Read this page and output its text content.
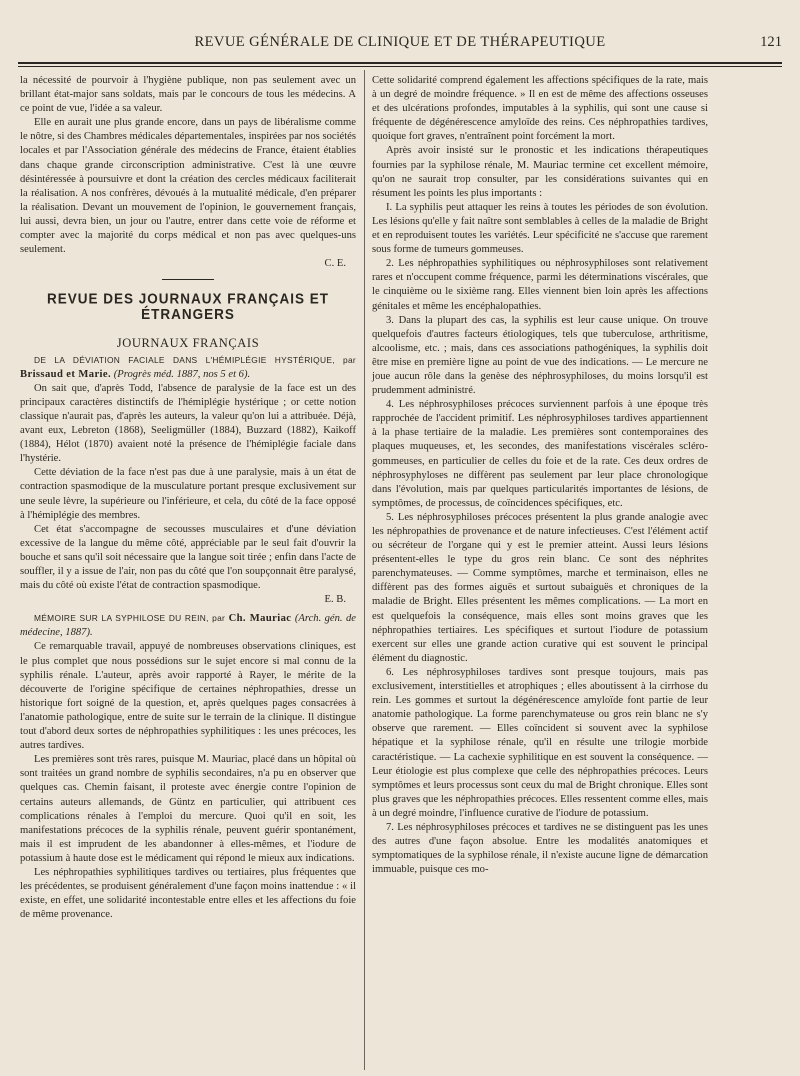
REVUE GÉNÉRALE DE CLINIQUE ET DE THÉRAPEUTIQUE	121

la nécessité de pourvoir à l'hygiène publique, non pas seulement avec un brillant état-major sans soldats, mais par le concours de tous les médecins. A ce point de vue, l'idée a sa valeur.

Elle en aurait une plus grande encore, dans un pays de libéralisme comme le nôtre, si des Chambres médicales départementales, inspirées par nos sociétés locales et par l'Association générale des médecins de France, étaient établies dans chaque grande circonscription administrative. C'est là une œuvre désintéressée à poursuivre et dont la création des cercles médicaux faciliterait la réalisation. A nos confrères, dévoués à la mutualité médicale, d'en préparer la réalisation. Devant un mouvement de l'opinion, le gouvernement français, lui aussi, devra bien, un jour ou l'autre, entrer dans cette voie de réforme et compter avec la majorité du corps médical et non pas avec quelques-uns seulement.

C. E.

REVUE DES JOURNAUX FRANÇAIS ET ÉTRANGERS
JOURNAUX FRANÇAIS

DE LA DÉVIATION FACIALE DANS L'HÉMIPLÉGIE HYSTÉRIQUE, par Brissaud et Marie. (Progrès méd. 1887, nos 5 et 6).

On sait que, d'après Todd, l'absence de paralysie de la face est un des principaux caractères distinctifs de l'hémiplégie hystérique ; or cette notion classique n'aurait pas, d'après les auteurs, la valeur qu'on lui a attribuée. Déjà, avant eux, Lebreton (1868), Seeligmüller (1884), Buzzard (1882), Kaikoff (1884), Hélot (1870) avaient noté la présence de l'hémiplégie faciale dans l'hystérie.

Cette déviation de la face n'est pas due à une paralysie, mais à un état de contraction spasmodique de la musculature portant presque exclusivement sur une seule lèvre, la supérieure ou l'inférieure, et cela, du côté de la face opposé à l'hémiplégie des membres.

Cet état s'accompagne de secousses musculaires et d'une déviation excessive de la langue du même côté, appréciable par le seul fait d'ouvrir la bouche et sans qu'il soit nécessaire que la langue soit tirée ; enfin dans l'acte de souffler, il y a issue de l'air, non pas du côté que l'on soupçonnait être paralysé, mais du côté où existe l'état de contraction spasmodique.

E. B.

MÉMOIRE SUR LA SYPHILOSE DU REIN, par Ch. Mauriac (Arch. gén. de médecine, 1887).

Ce remarquable travail, appuyé de nombreuses observations cliniques, est le plus complet que nous possédions sur le sujet encore si mal connu de la syphilis rénale. L'auteur, après avoir rapporté à Rayer, le mérite de la découverte de l'origine spécifique de certaines néphropathies, dresse un historique fort soigné de la question, et, après quelques pages consacrées à l'anatomie pathologique, entre de suite sur le terrain de la clinique. Il distingue tout d'abord deux sortes de néphropathies syphilitiques : les unes précoces, les autres tardives.

Les premières sont très rares, puisque M. Mauriac, placé dans un hôpital où sont traitées un grand nombre de syphilis secondaires, n'a pu en observer que quelques cas. Chemin faisant, il proteste avec énergie contre l'opinion de certains auteurs allemands, de Güntz en particulier, qui attribuent ces complications rénales à l'emploi du mercure. Quoi qu'il en soit, les manifestations précoces de la syphilis rénale, peuvent guérir spontanément, mais il est imprudent de les abandonner à elles-mêmes, et l'iodure de potassium à haute dose est le médicament qui répond le mieux aux indications.

Les néphropathies syphilitiques tardives ou tertiaires, plus fréquentes que les précédentes, se produisent généralement d'une façon moins inattendue : « il existe, en effet, une solidarité incontestable entre elles et les affections du foie de même provenance.

Cette solidarité comprend également les affections spécifiques de la rate, mais à un degré de moindre fréquence. » Il en est de même des affections osseuses et des ulcérations profondes, imputables à la syphilis, qui sont une cause si fréquente de dégénérescence amyloïde des reins. Ces néphropathies tardives, quoique fort graves, n'entraînent point forcément la mort.

Après avoir insisté sur le pronostic et les indications thérapeutiques fournies par la syphilose rénale, M. Mauriac termine cet excellent mémoire, qu'on ne saurait trop consulter, par les considérations suivantes qui en résument les points les plus importants :

I. La syphilis peut attaquer les reins à toutes les périodes de son évolution. Les lésions qu'elle y fait naître sont semblables à celles de la maladie de Bright et en reproduisent toutes les variétés. Leur spécificité ne s'accuse que rarement sous forme de tumeurs gommeuses.

2. Les néphropathies syphilitiques ou néphrosyphiloses sont relativement rares et n'occupent comme fréquence, parmi les déterminations viscérales, que le cinquième ou le sixième rang. Elles viennent bien loin après les affections génitales et même les encéphalopathies.

3. Dans la plupart des cas, la syphilis est leur cause unique. On trouve quelquefois d'autres facteurs étiologiques, tels que tuberculose, arthritisme, alcoolisme, etc. ; mais, dans ces associations pathogéniques, la syphilis doit être mise en première ligne au point de vue des indications. — Le mercure ne joue aucun rôle dans la genèse des néphrosyphiloses, du moins lorsqu'il est prudemment administré.

4. Les néphrosyphiloses précoces surviennent parfois à une époque très rapprochée de l'accident primitif. Les néphrosyphiloses tardives appartiennent à la phase tertiaire de la maladie. Les premières sont contemporaines des plaques muqueuses, et, les secondes, des manifestations viscérales scléro-gommeuses, en particulier de celles du foie et de la rate. Ces deux ordres de néphrosyphyloses ne diffèrent pas seulement par leur place chronologique dans l'évolution, mais par quelques particularités importantes de lésions, de symptômes, de processus, de coïncidences spécifiques, etc.

5. Les néphrosyphiloses précoces présentent la plus grande analogie avec les néphropathies de provenance et de nature infectieuses. C'est l'élément actif ou sécréteur de l'organe qui y est le premier atteint. Aussi leurs lésions présentent-elles le type du gros rein blanc. Ce sont des néphrites parenchymateuses. — Comme symptômes, marche et terminaison, elles ne diffèrent pas des formes aiguës et surtout subaiguës et chroniques de la maladie de Bright. Elles présentent les mêmes complications. — La mort en est quelquefois la conséquence, mais elles sont moins graves que les néphropathies tertiaires. Les spécifiques et surtout l'iodure de potassium exercent sur elles une grande action curative qui est souvent le principal élément du diagnostic.

6. Les néphrosyphiloses tardives sont presque toujours, mais pas exclusivement, interstitielles et atrophiques ; elles aboutissent à la cirrhose du rein. Les gommes et surtout la dégénérescence amyloïde font partie de leur anatomie pathologique. La forme parenchymateuse ou gros rein blanc ne s'y observe que rarement. — Elles coïncident si souvent avec la syphilose hépatique et la syphilose rénale, qu'il en résulte une trilogie morbide caractéristique. — La cachexie syphilitique en est souvent la conséquence. — Leur étiologie est plus complexe que celle des néphropathies précoces. Leurs symptômes et leurs processus sont ceux du mal de Bright chronique. Elles sont plus graves que les néphropathies précoces. Elles ressentent comme elles, mais à un degré moindre, l'influence curative de l'iodure de potassium.

7. Les néphrosyphiloses précoces et tardives ne se distinguent pas les unes des autres d'une façon absolue. Entre les modalités anatomiques et symptomatiques de la syphilose rénale, il n'existe aucune ligne de démarcation immuable, puisque ces mo-
